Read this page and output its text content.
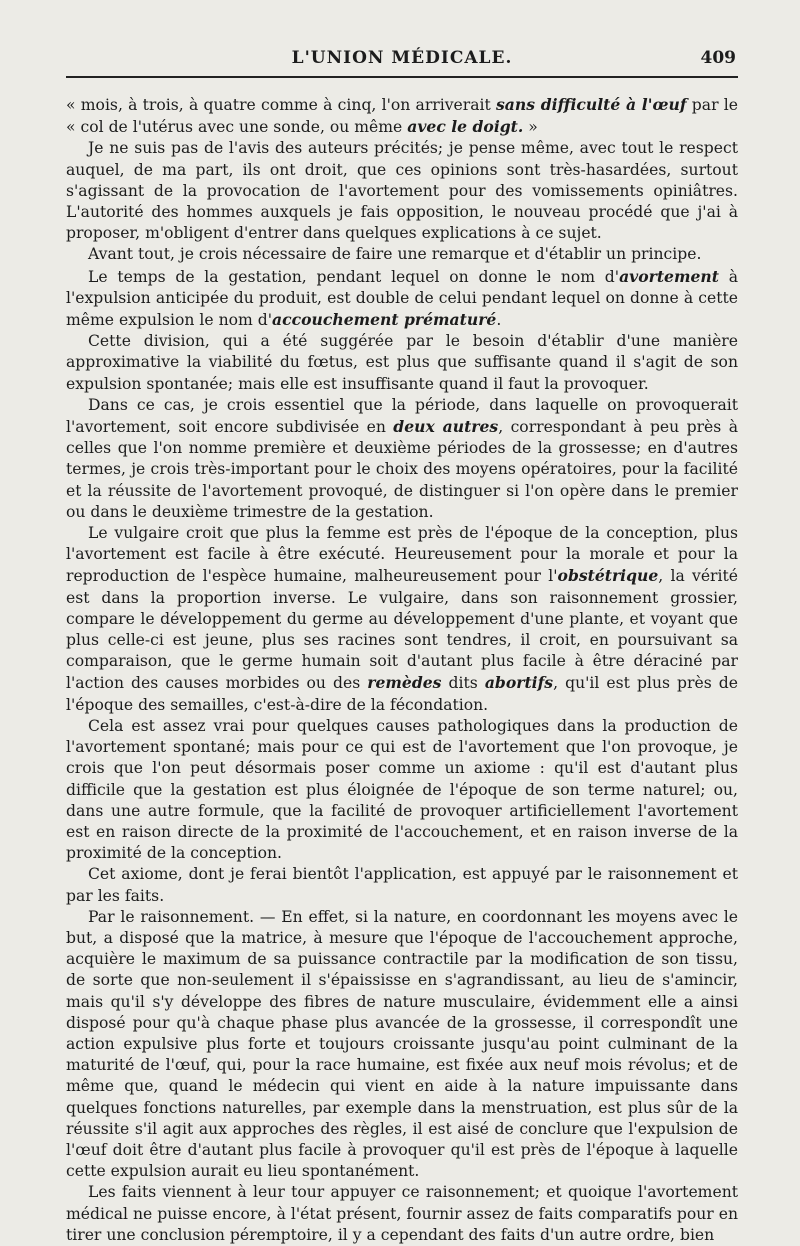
L'UNION MÉDICALE.	409

« mois, à trois, à quatre comme à cinq, l'on arriverait sans difficulté à l'œuf par le « col de l'utérus avec une sonde, ou même avec le doigt. »

Je ne suis pas de l'avis des auteurs précités; je pense même, avec tout le respect auquel, de ma part, ils ont droit, que ces opinions sont très-hasardées, surtout s'agissant de la provocation de l'avortement pour des vomissements opiniâtres. L'autorité des hommes auxquels je fais opposition, le nouveau procédé que j'ai à proposer, m'obligent d'entrer dans quelques explications à ce sujet.

Avant tout, je crois nécessaire de faire une remarque et d'établir un principe.

Le temps de la gestation, pendant lequel on donne le nom d'avortement à l'expulsion anticipée du produit, est double de celui pendant lequel on donne à cette même expulsion le nom d'accouchement prématuré.

Cette division, qui a été suggérée par le besoin d'établir d'une manière approximative la viabilité du fœtus, est plus que suffisante quand il s'agit de son expulsion spontanée; mais elle est insuffisante quand il faut la provoquer.

Dans ce cas, je crois essentiel que la période, dans laquelle on provoquerait l'avortement, soit encore subdivisée en deux autres, correspondant à peu près à celles que l'on nomme première et deuxième périodes de la grossesse; en d'autres termes, je crois très-important pour le choix des moyens opératoires, pour la facilité et la réussite de l'avortement provoqué, de distinguer si l'on opère dans le premier ou dans le deuxième trimestre de la gestation.

Le vulgaire croit que plus la femme est près de l'époque de la conception, plus l'avortement est facile à être exécuté. Heureusement pour la morale et pour la reproduction de l'espèce humaine, malheureusement pour l'obstétrique, la vérité est dans la proportion inverse. Le vulgaire, dans son raisonnement grossier, compare le développement du germe au développement d'une plante, et voyant que plus celle-ci est jeune, plus ses racines sont tendres, il croit, en poursuivant sa comparaison, que le germe humain soit d'autant plus facile à être déraciné par l'action des causes morbides ou des remèdes dits abortifs, qu'il est plus près de l'époque des semailles, c'est-à-dire de la fécondation.

Cela est assez vrai pour quelques causes pathologiques dans la production de l'avortement spontané; mais pour ce qui est de l'avortement que l'on provoque, je crois que l'on peut désormais poser comme un axiome : qu'il est d'autant plus difficile que la gestation est plus éloignée de l'époque de son terme naturel; ou, dans une autre formule, que la facilité de provoquer artificiellement l'avortement est en raison directe de la proximité de l'accouchement, et en raison inverse de la proximité de la conception.

Cet axiome, dont je ferai bientôt l'application, est appuyé par le raisonnement et par les faits.

Par le raisonnement. — En effet, si la nature, en coordonnant les moyens avec le but, a disposé que la matrice, à mesure que l'époque de l'accouchement approche, acquière le maximum de sa puissance contractile par la modification de son tissu, de sorte que non-seulement il s'épaississe en s'agrandissant, au lieu de s'amincir, mais qu'il s'y développe des fibres de nature musculaire, évidemment elle a ainsi disposé pour qu'à chaque phase plus avancée de la grossesse, il correspondît une action expulsive plus forte et toujours croissante jusqu'au point culminant de la maturité de l'œuf, qui, pour la race humaine, est fixée aux neuf mois révolus; et de même que, quand le médecin qui vient en aide à la nature impuissante dans quelques fonctions naturelles, par exemple dans la menstruation, est plus sûr de la réussite s'il agit aux approches des règles, il est aisé de conclure que l'expulsion de l'œuf doit être d'autant plus facile à provoquer qu'il est près de l'époque à laquelle cette expulsion aurait eu lieu spontanément.

Les faits viennent à leur tour appuyer ce raisonnement; et quoique l'avortement médical ne puisse encore, à l'état présent, fournir assez de faits comparatifs pour en tirer une conclusion péremptoire, il y a cependant des faits d'un autre ordre, bien
